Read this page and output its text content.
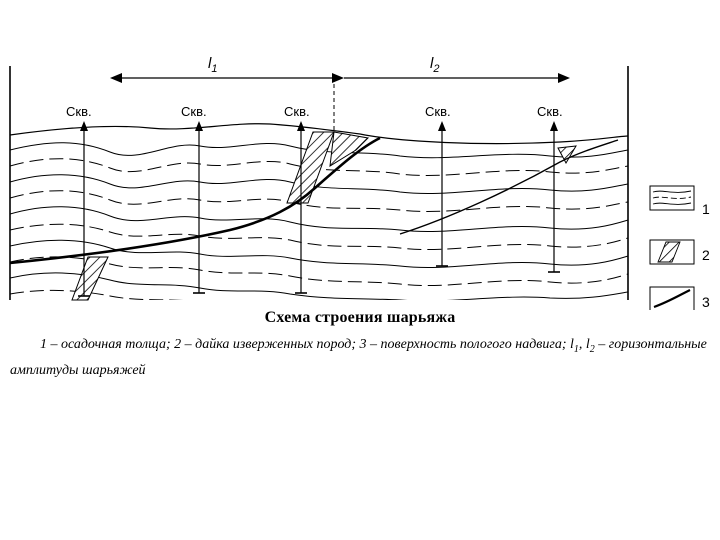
$l_1$	$l_2$
Скв.	Скв.	Скв.	Скв.	Скв.
1
2
3
Схема строения шарьяжа
1 – осадочная толща; 2 – дайка изверженных пород; 3 – поверхность пологого надвига; $l_1$, $l_2$ – горизонтальные амплитуды шарьяжей
